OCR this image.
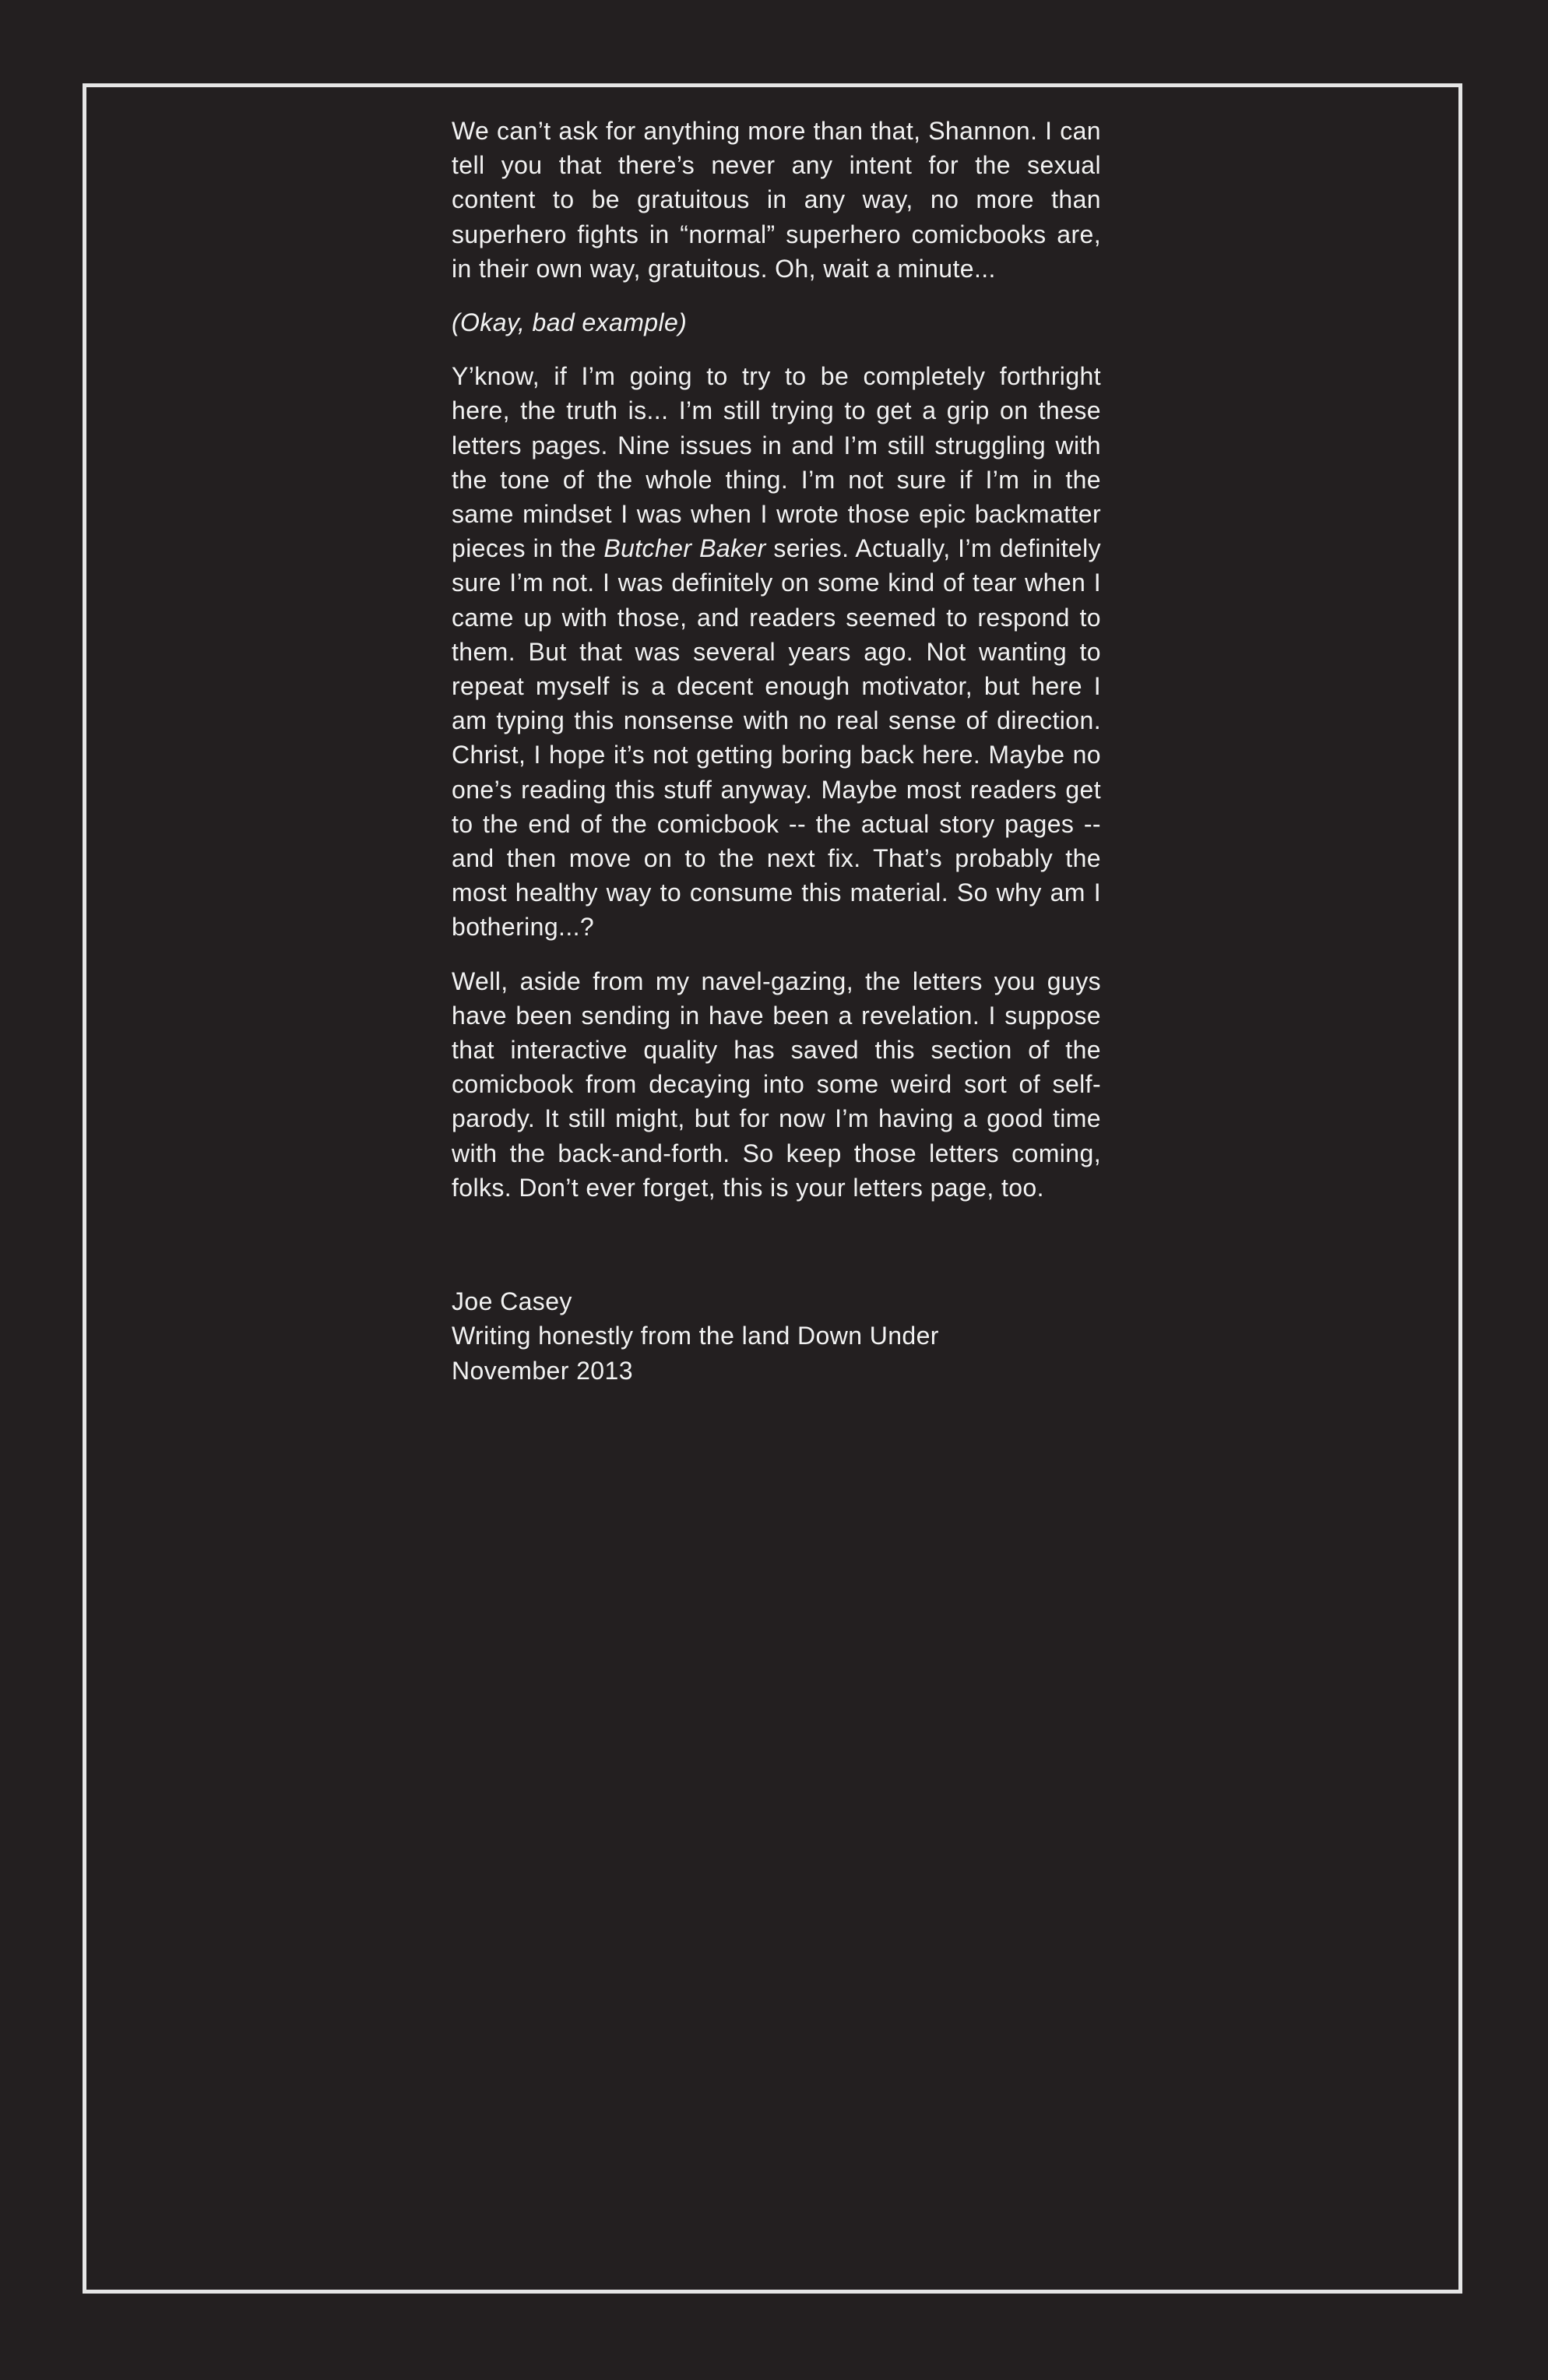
We can’t ask for anything more than that, Shannon. I can tell you that there’s never any intent for the sexual content to be gratuitous in any way, no more than superhero fights in “normal” superhero comicbooks are, in their own way, gratuitous. Oh, wait a minute...

(Okay, bad example)

Y’know, if I’m going to try to be completely forthright here, the truth is... I’m still trying to get a grip on these letters pages. Nine issues in and I’m still struggling with the tone of the whole thing. I’m not sure if I’m in the same mindset I was when I wrote those epic backmatter pieces in the Butcher Baker series. Actually, I’m definitely sure I’m not. I was definitely on some kind of tear when I came up with those, and readers seemed to respond to them. But that was several years ago. Not wanting to repeat myself is a decent enough motivator, but here I am typing this nonsense with no real sense of direction. Christ, I hope it’s not getting boring back here. Maybe no one’s reading this stuff anyway. Maybe most readers get to the end of the comicbook -- the actual story pages -- and then move on to the next fix. That’s probably the most healthy way to consume this material. So why am I bothering...?

Well, aside from my navel-gazing, the letters you guys have been sending in have been a revelation. I suppose that interactive quality has saved this section of the comicbook from decaying into some weird sort of self-parody. It still might, but for now I’m having a good time with the back-and-forth. So keep those letters coming, folks. Don’t ever forget, this is your letters page, too.

Joe Casey
Writing honestly from the land Down Under
November 2013
